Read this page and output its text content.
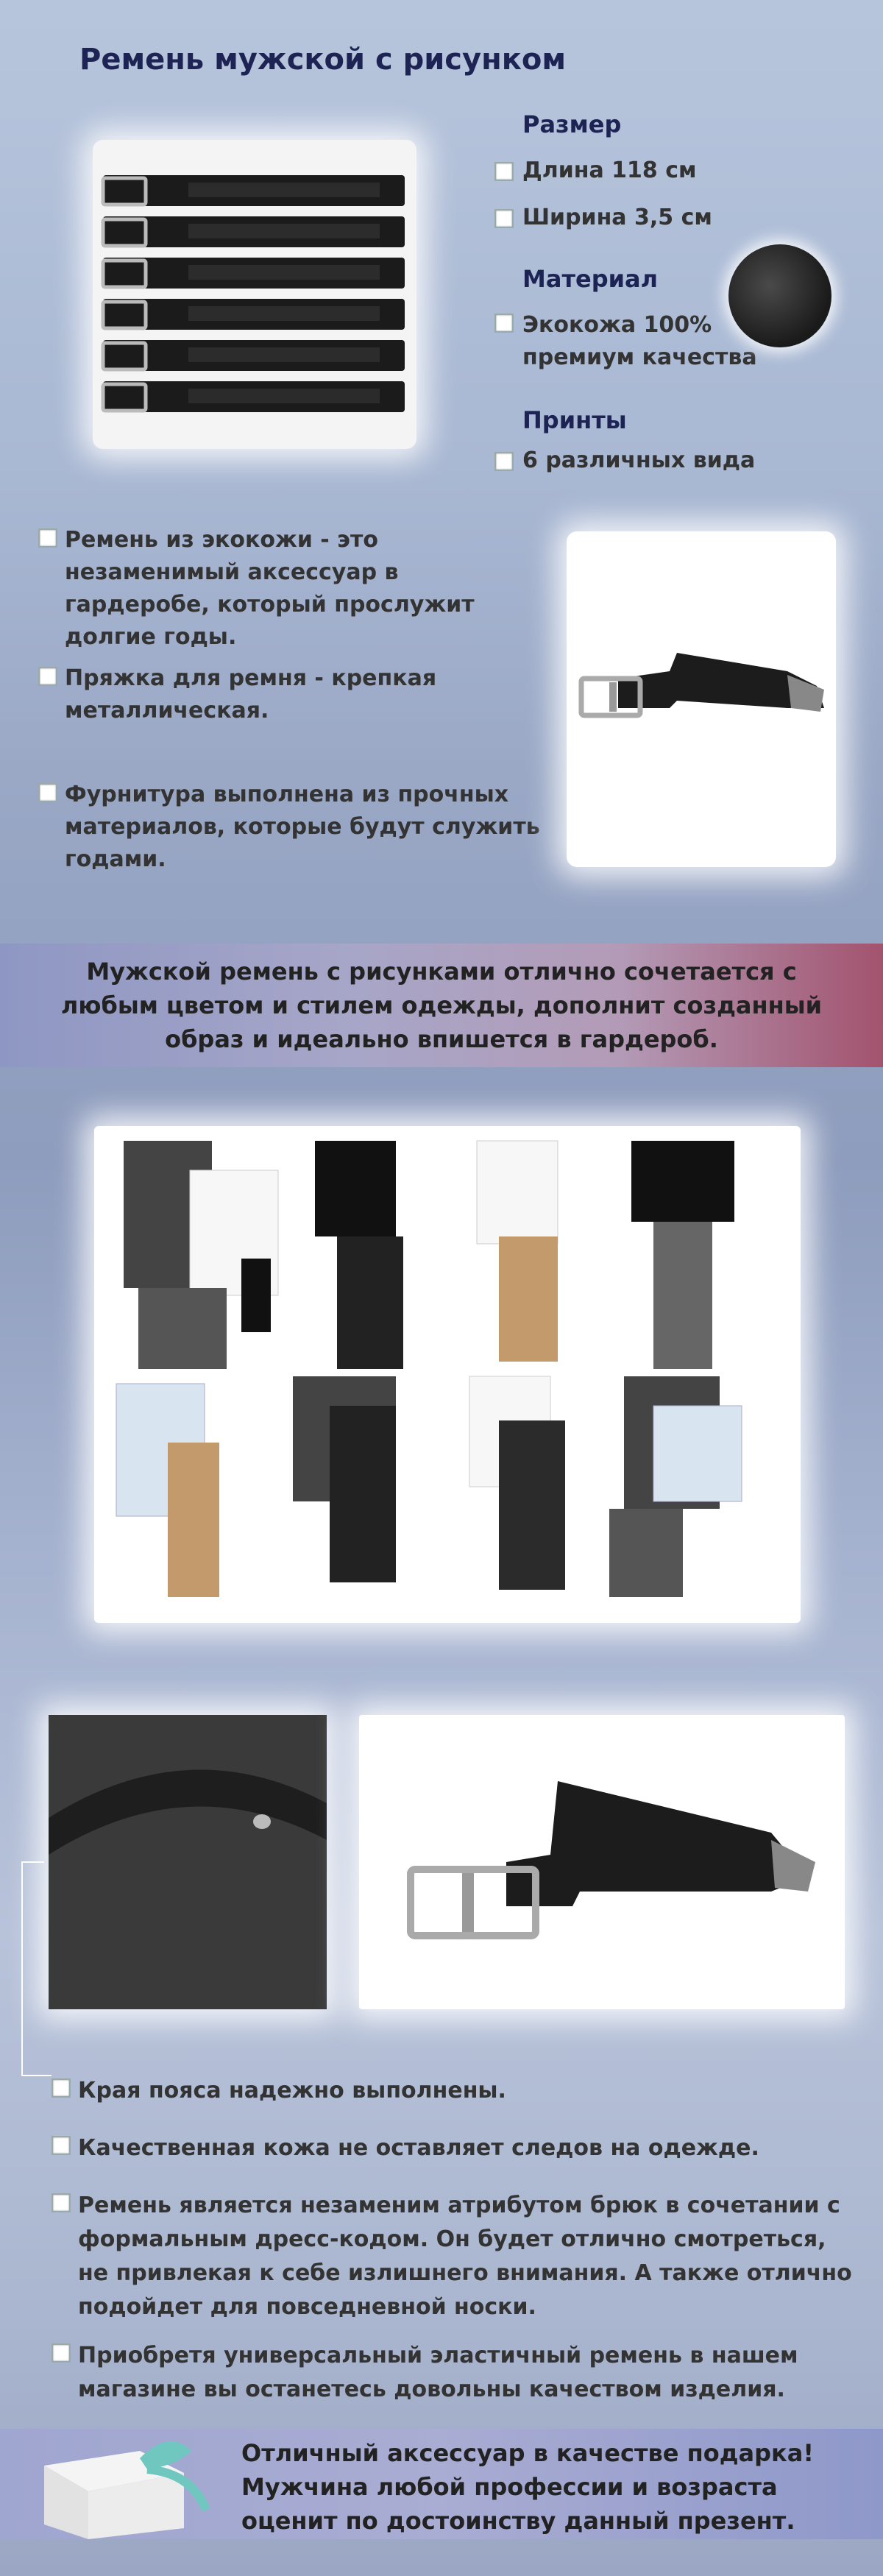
Ремень мужской с рисунком
Размер
Длина 118 см
Ширина 3,5 см
Материал
Экокожа 100%
премиум качества
Принты
6 различных вида
Ремень из экокожи - это незаменимый аксессуар в гардеробе, который прослужит долгие годы.
Пряжка для ремня - крепкая металлическая.
Фурнитура выполнена из прочных материалов, которые будут служить годами.
Мужской ремень с рисунками отлично сочетается с любым цветом и стилем одежды, дополнит созданный образ и идеально впишется в гардероб.
Края пояса надежно выполнены.
Качественная кожа не оставляет следов на одежде.
Ремень является незаменим атрибутом брюк в сочетании с формальным дресс-кодом. Он будет отлично смотреться, не привлекая к себе излишнего внимания. А также отлично подойдет для повседневной носки.
Приобретя универсальный эластичный ремень в нашем магазине вы останетесь довольны качеством изделия.
Отличный аксессуар в качестве подарка! Мужчина любой профессии и возраста оценит по достоинству данный презент.
